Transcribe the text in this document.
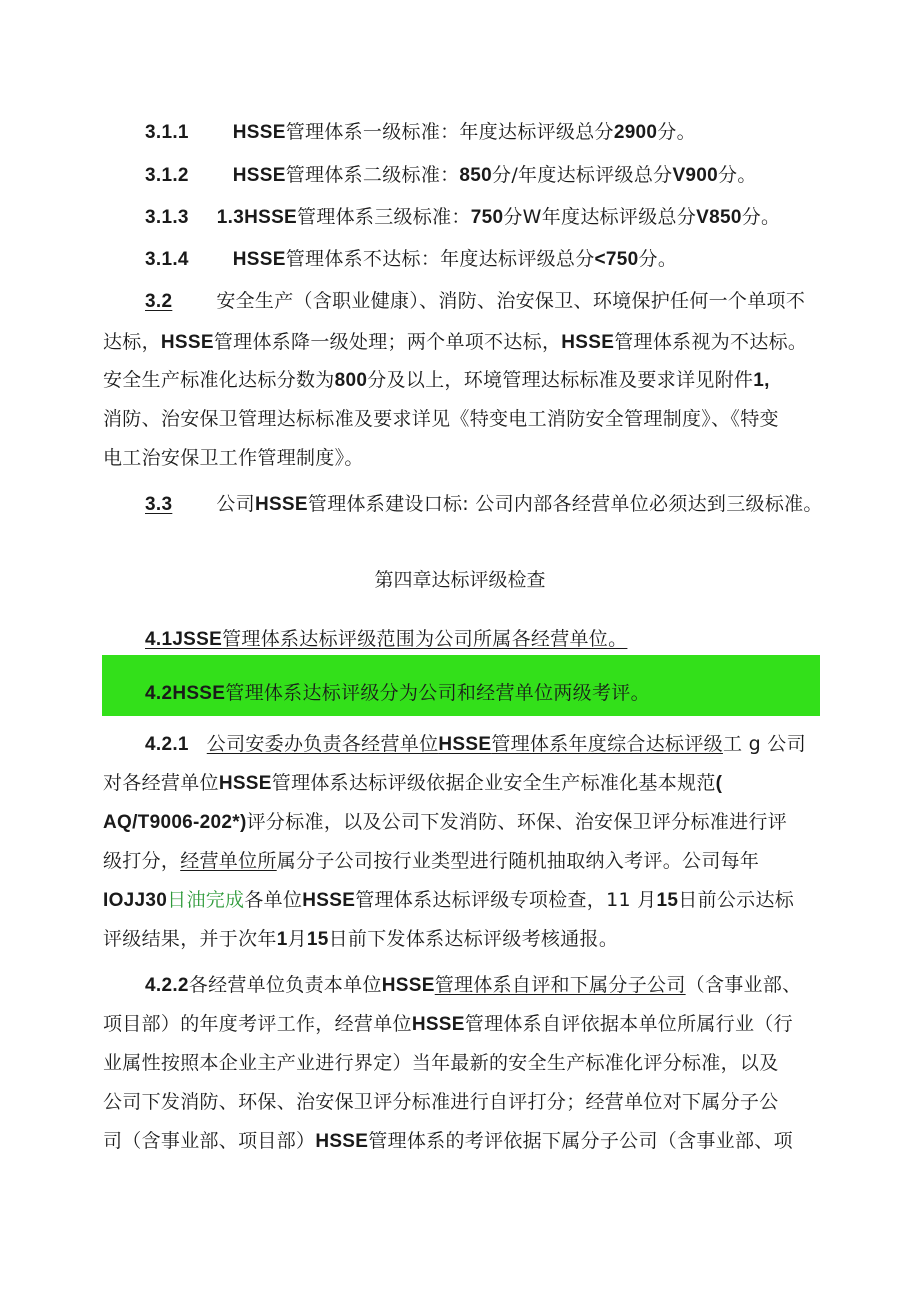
3.1.1 HSSE管理体系一级标准：年度达标评级总分2900分。
3.1.2 HSSE管理体系二级标准：850分/年度达标评级总分V900分。
3.1.3 1.3HSSE管理体系三级标准：750分W年度达标评级总分V850分。
3.1.4 HSSE管理体系不达标：年度达标评级总分<750分。
3.2 安全生产（含职业健康）、消防、治安保卫、环境保护任何一个单项不
达标，HSSE管理体系降一级处理；两个单项不达标，HSSE管理体系视为不达标。
安全生产标准化达标分数为800分及以上，环境管理达标标准及要求详见附件1,
消防、治安保卫管理达标标准及要求详见《特变电工消防安全管理制度》、《特变
电工治安保卫工作管理制度》。
3.3 公司HSSE管理体系建设口标: 公司内部各经营单位必须达到三级标准。
第四章达标评级检查
4.1JSSE管理体系达标评级范围为公司所属各经营单位。
4.2HSSE管理体系达标评级分为公司和经营单位两级考评。
4.2.1 公司安委办负责各经营单位HSSE管理体系年度综合达标评级工 g 公司
对各经营单位HSSE管理体系达标评级依据企业安全生产标准化基本规范(
AQ/T9006-202*)评分标准，以及公司下发消防、环保、治安保卫评分标准进行评
级打分，经营单位所属分子公司按行业类型进行随机抽取纳入考评。公司每年
IOJJ30日油完成各单位HSSE管理体系达标评级专项检查，11 月15日前公示达标
评级结果，并于次年1月15日前下发体系达标评级考核通报。
4.2.2各经营单位负责本单位HSSE管理体系自评和下属分子公司（含事业部、
项目部）的年度考评工作，经营单位HSSE管理体系自评依据本单位所属行业（行
业属性按照本企业主产业进行界定）当年最新的安全生产标准化评分标准，以及
公司下发消防、环保、治安保卫评分标准进行自评打分；经营单位对下属分子公
司（含事业部、项目部）HSSE管理体系的考评依据下属分子公司（含事业部、项
